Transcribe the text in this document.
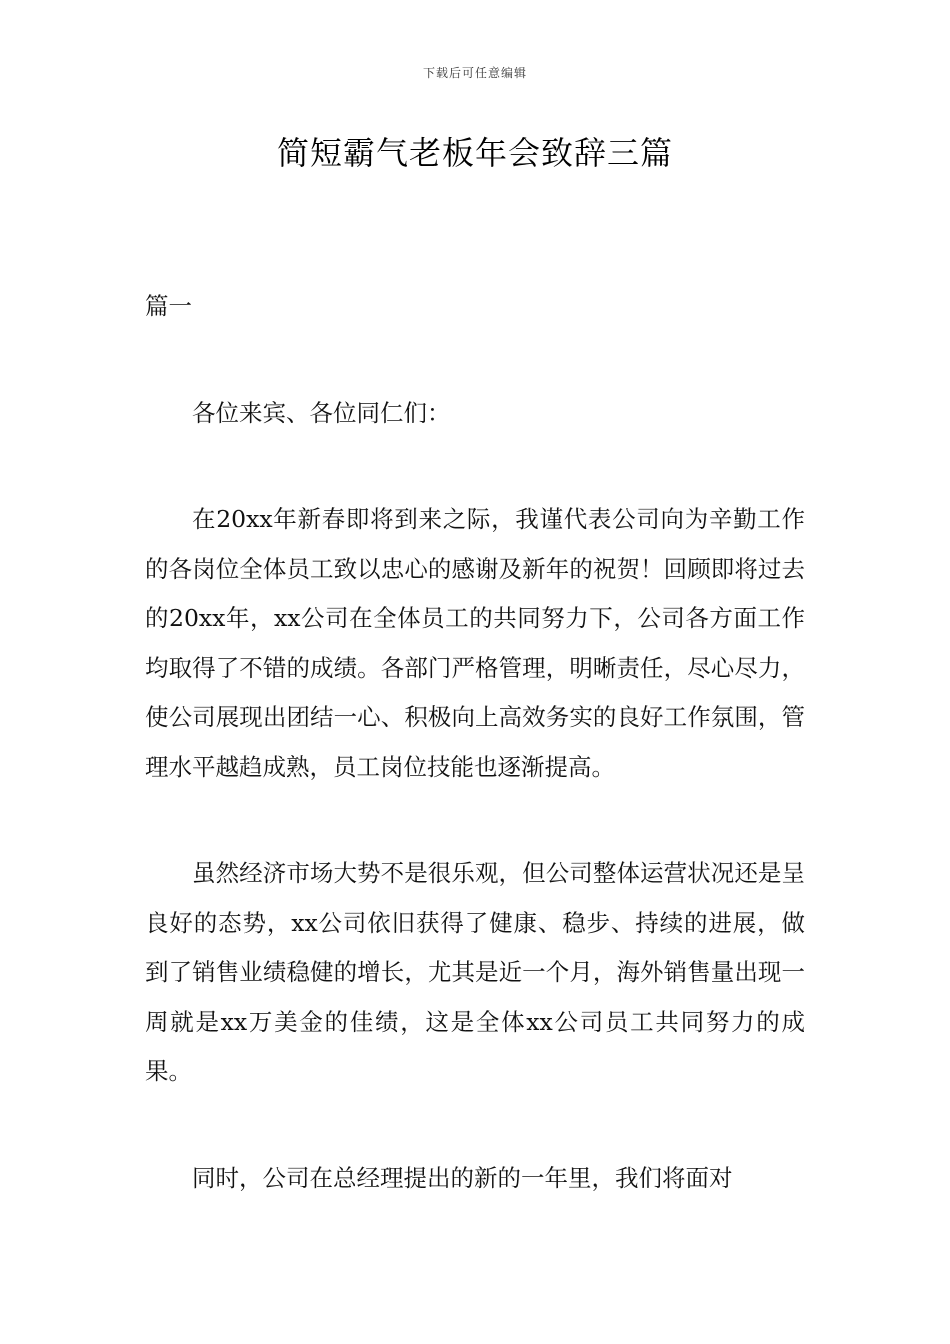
下载后可任意编辑
简短霸气老板年会致辞三篇

篇一

各位来宾、各位同仁们：

在20xx年新春即将到来之际，我谨代表公司向为辛勤工作的各岗位全体员工致以忠心的感谢及新年的祝贺！回顾即将过去的20xx年，xx公司在全体员工的共同努力下，公司各方面工作均取得了不错的成绩。各部门严格管理，明晰责任，尽心尽力，使公司展现出团结一心、积极向上高效务实的良好工作氛围，管理水平越趋成熟，员工岗位技能也逐渐提高。

虽然经济市场大势不是很乐观，但公司整体运营状况还是呈良好的态势，xx公司依旧获得了健康、稳步、持续的进展，做到了销售业绩稳健的增长，尤其是近一个月，海外销售量出现一周就是xx万美金的佳绩，这是全体xx公司员工共同努力的成果。

同时，公司在总经理提出的新的一年里，我们将面对
